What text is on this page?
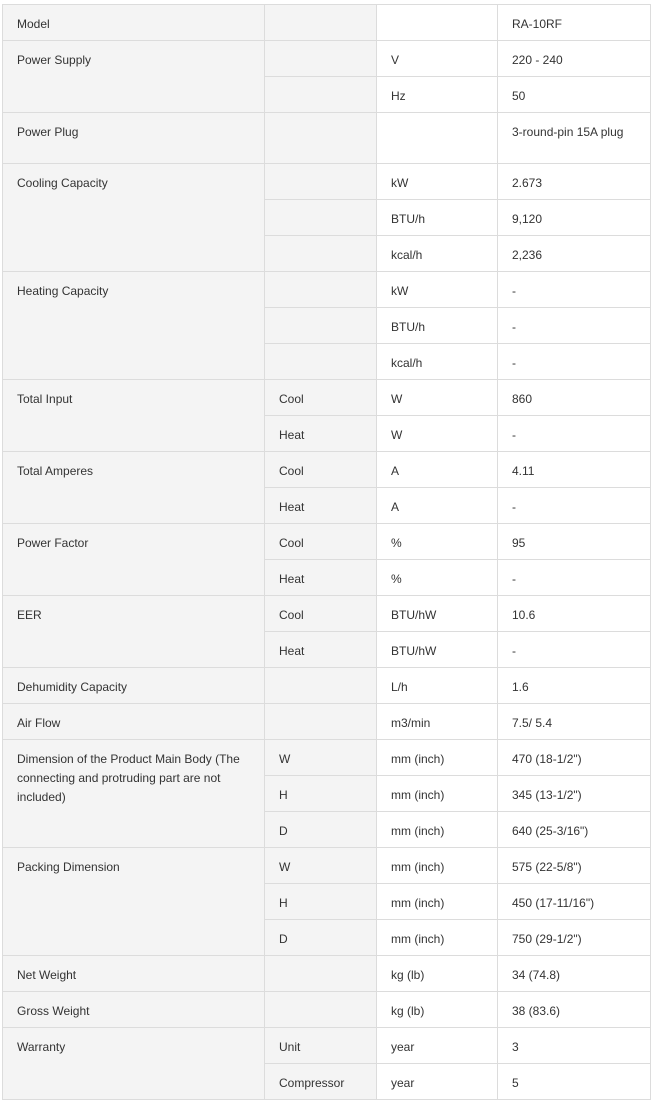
Model			RA-10RF
Power Supply		V	220 - 240
		Hz	50
Power Plug			3-round-pin 15A plug
Cooling Capacity		kW	2.673
		BTU/h	9,120
		kcal/h	2,236
Heating Capacity		kW	-
		BTU/h	-
		kcal/h	-
Total Input	Cool	W	860
	Heat	W	-
Total Amperes	Cool	A	4.11
	Heat	A	-
Power Factor	Cool	%	95
	Heat	%	-
EER	Cool	BTU/hW	10.6
	Heat	BTU/hW	-
Dehumidity Capacity		L/h	1.6
Air Flow		m3/min	7.5/ 5.4
Dimension of the Product Main Body (The connecting and protruding part are not included)	W	mm (inch)	470 (18-1/2")
	H	mm (inch)	345 (13-1/2")
	D	mm (inch)	640 (25-3/16")
Packing Dimension	W	mm (inch)	575 (22-5/8")
	H	mm (inch)	450 (17-11/16")
	D	mm (inch)	750 (29-1/2")
Net Weight		kg (lb)	34 (74.8)
Gross Weight		kg (lb)	38 (83.6)
Warranty	Unit	year	3
	Compressor	year	5
